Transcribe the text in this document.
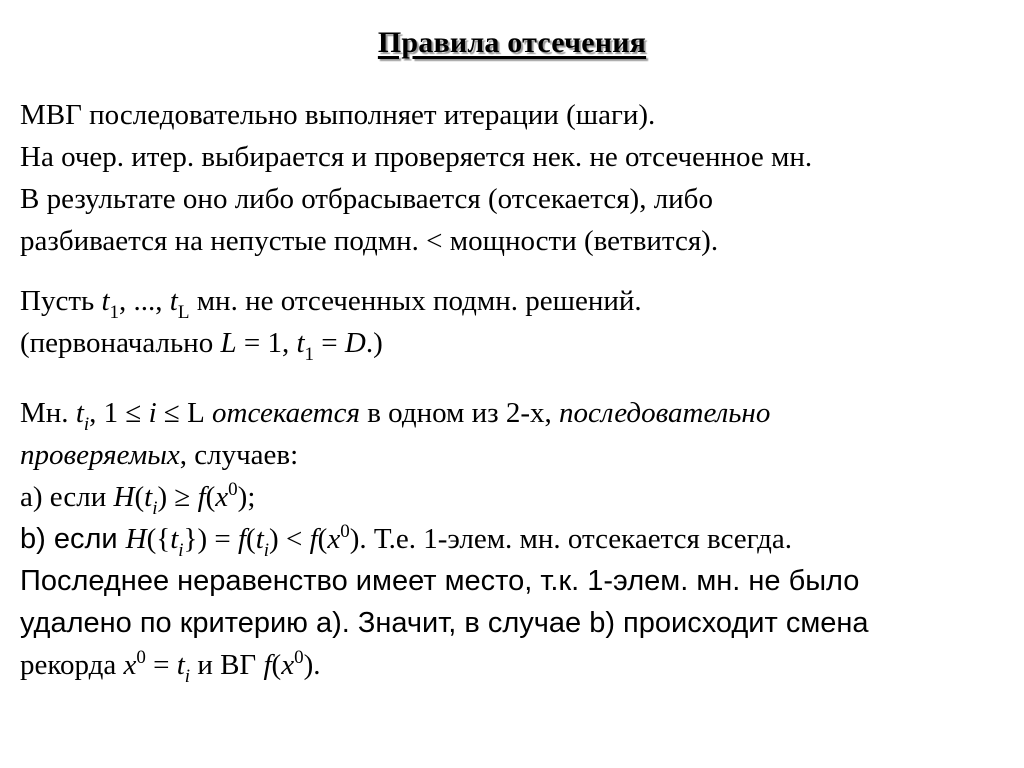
Правила отсечения
МВГ последовательно выполняет итерации (шаги).
На очер. итер. выбирается и проверяется нек. не отсеченное мн.
В результате оно либо отбрасывается (отсекается), либо
разбивается на непустые подмн. < мощности (ветвится).
Пусть $t_1$, ..., $t_L$ мн. не отсеченных подмн. решений.
(первоначально L = 1, $t_1 = D$.)
Мн. $t_i$, 1 ≤ i ≤ L отсекается в одном из 2-х, последовательно
проверяемых, случаев:
a) если $H(t_i) \ge f(x^0)$;
b) если $H(\{t_i\}) = f(t_i) < f(x^0)$. Т.е. 1-элем. мн. отсекается всегда.
Последнее неравенство имеет место, т.к. 1-элем. мн. не было
удалено по критерию a). Значит, в случае b) происходит смена
рекорда $x^0 = t_i$ и ВГ $f(x^0)$.
